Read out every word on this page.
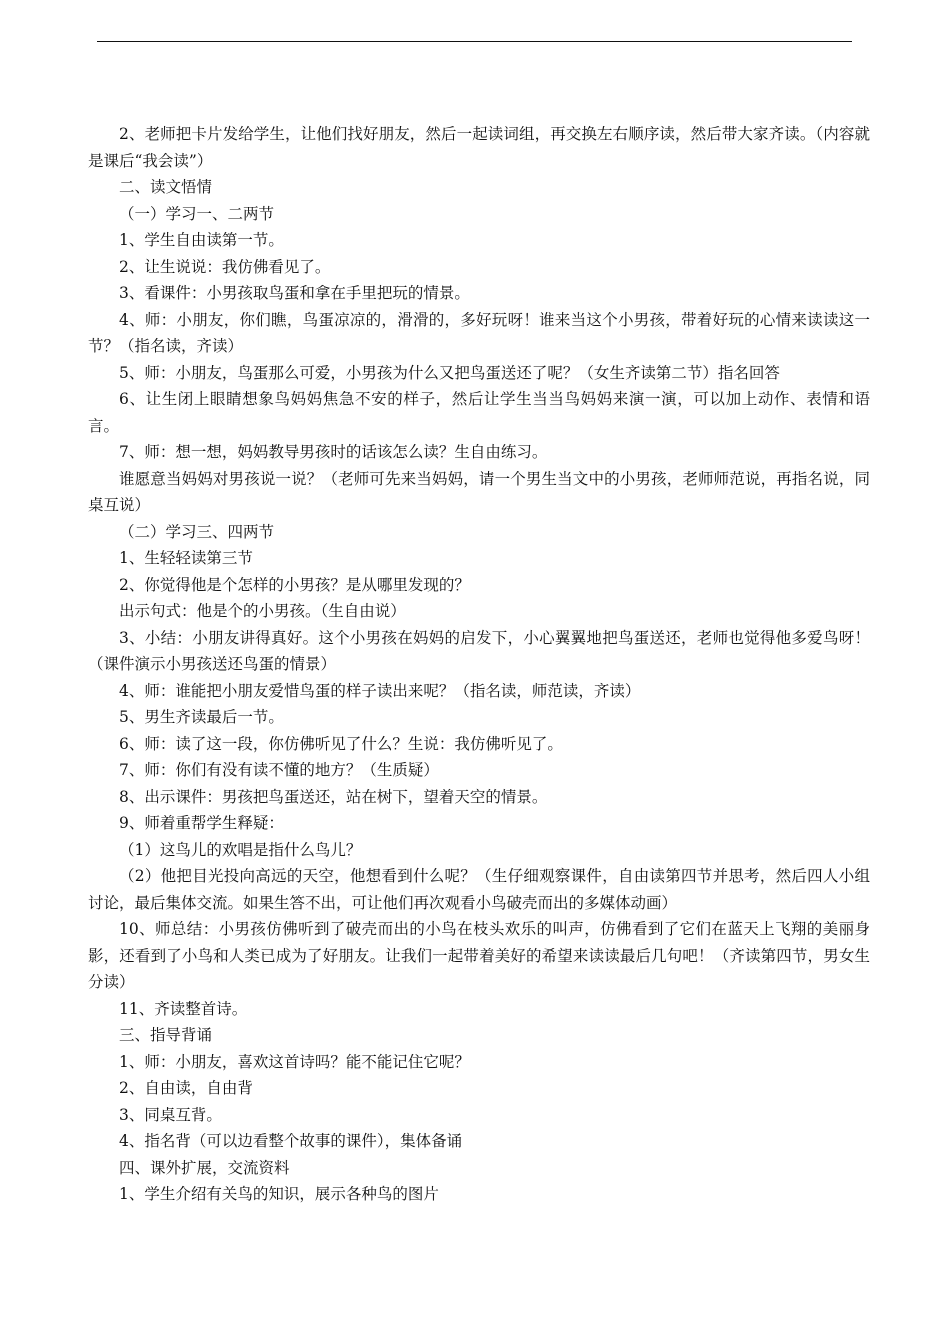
2、老师把卡片发给学生，让他们找好朋友，然后一起读词组，再交换左右顺序读，然后带大家齐读。（内容就是课后“我会读”）

二、读文悟情

（一）学习一、二两节

1、学生自由读第一节。

2、让生说说：我仿佛看见了。

3、看课件：小男孩取鸟蛋和拿在手里把玩的情景。

4、师：小朋友，你们瞧，鸟蛋凉凉的，滑滑的，多好玩呀！谁来当这个小男孩，带着好玩的心情来读读这一节？（指名读，齐读）

5、师：小朋友，鸟蛋那么可爱，小男孩为什么又把鸟蛋送还了呢？（女生齐读第二节）指名回答

6、让生闭上眼睛想象鸟妈妈焦急不安的样子，然后让学生当当鸟妈妈来演一演，可以加上动作、表情和语言。

7、师：想一想，妈妈教导男孩时的话该怎么读？生自由练习。

谁愿意当妈妈对男孩说一说？（老师可先来当妈妈，请一个男生当文中的小男孩，老师师范说，再指名说，同桌互说）

（二）学习三、四两节

1、生轻轻读第三节

2、你觉得他是个怎样的小男孩？是从哪里发现的？

出示句式：他是个的小男孩。（生自由说）

3、小结：小朋友讲得真好。这个小男孩在妈妈的启发下，小心翼翼地把鸟蛋送还，老师也觉得他多爱鸟呀！（课件演示小男孩送还鸟蛋的情景）

4、师：谁能把小朋友爱惜鸟蛋的样子读出来呢？（指名读，师范读，齐读）

5、男生齐读最后一节。

6、师：读了这一段，你仿佛听见了什么？生说：我仿佛听见了。

7、师：你们有没有读不懂的地方？（生质疑）

8、出示课件：男孩把鸟蛋送还，站在树下，望着天空的情景。

9、师着重帮学生释疑：

（1）这鸟儿的欢唱是指什么鸟儿？

（2）他把目光投向高远的天空，他想看到什么呢？（生仔细观察课件，自由读第四节并思考，然后四人小组讨论，最后集体交流。如果生答不出，可让他们再次观看小鸟破壳而出的多媒体动画）

10、师总结：小男孩仿佛听到了破壳而出的小鸟在枝头欢乐的叫声，仿佛看到了它们在蓝天上飞翔的美丽身影，还看到了小鸟和人类已成为了好朋友。让我们一起带着美好的希望来读读最后几句吧！（齐读第四节，男女生分读）

11、齐读整首诗。

三、指导背诵

1、师：小朋友，喜欢这首诗吗？能不能记住它呢？

2、自由读，自由背

3、同桌互背。

4、指名背（可以边看整个故事的课件），集体备诵

四、课外扩展，交流资料

1、学生介绍有关鸟的知识，展示各种鸟的图片
